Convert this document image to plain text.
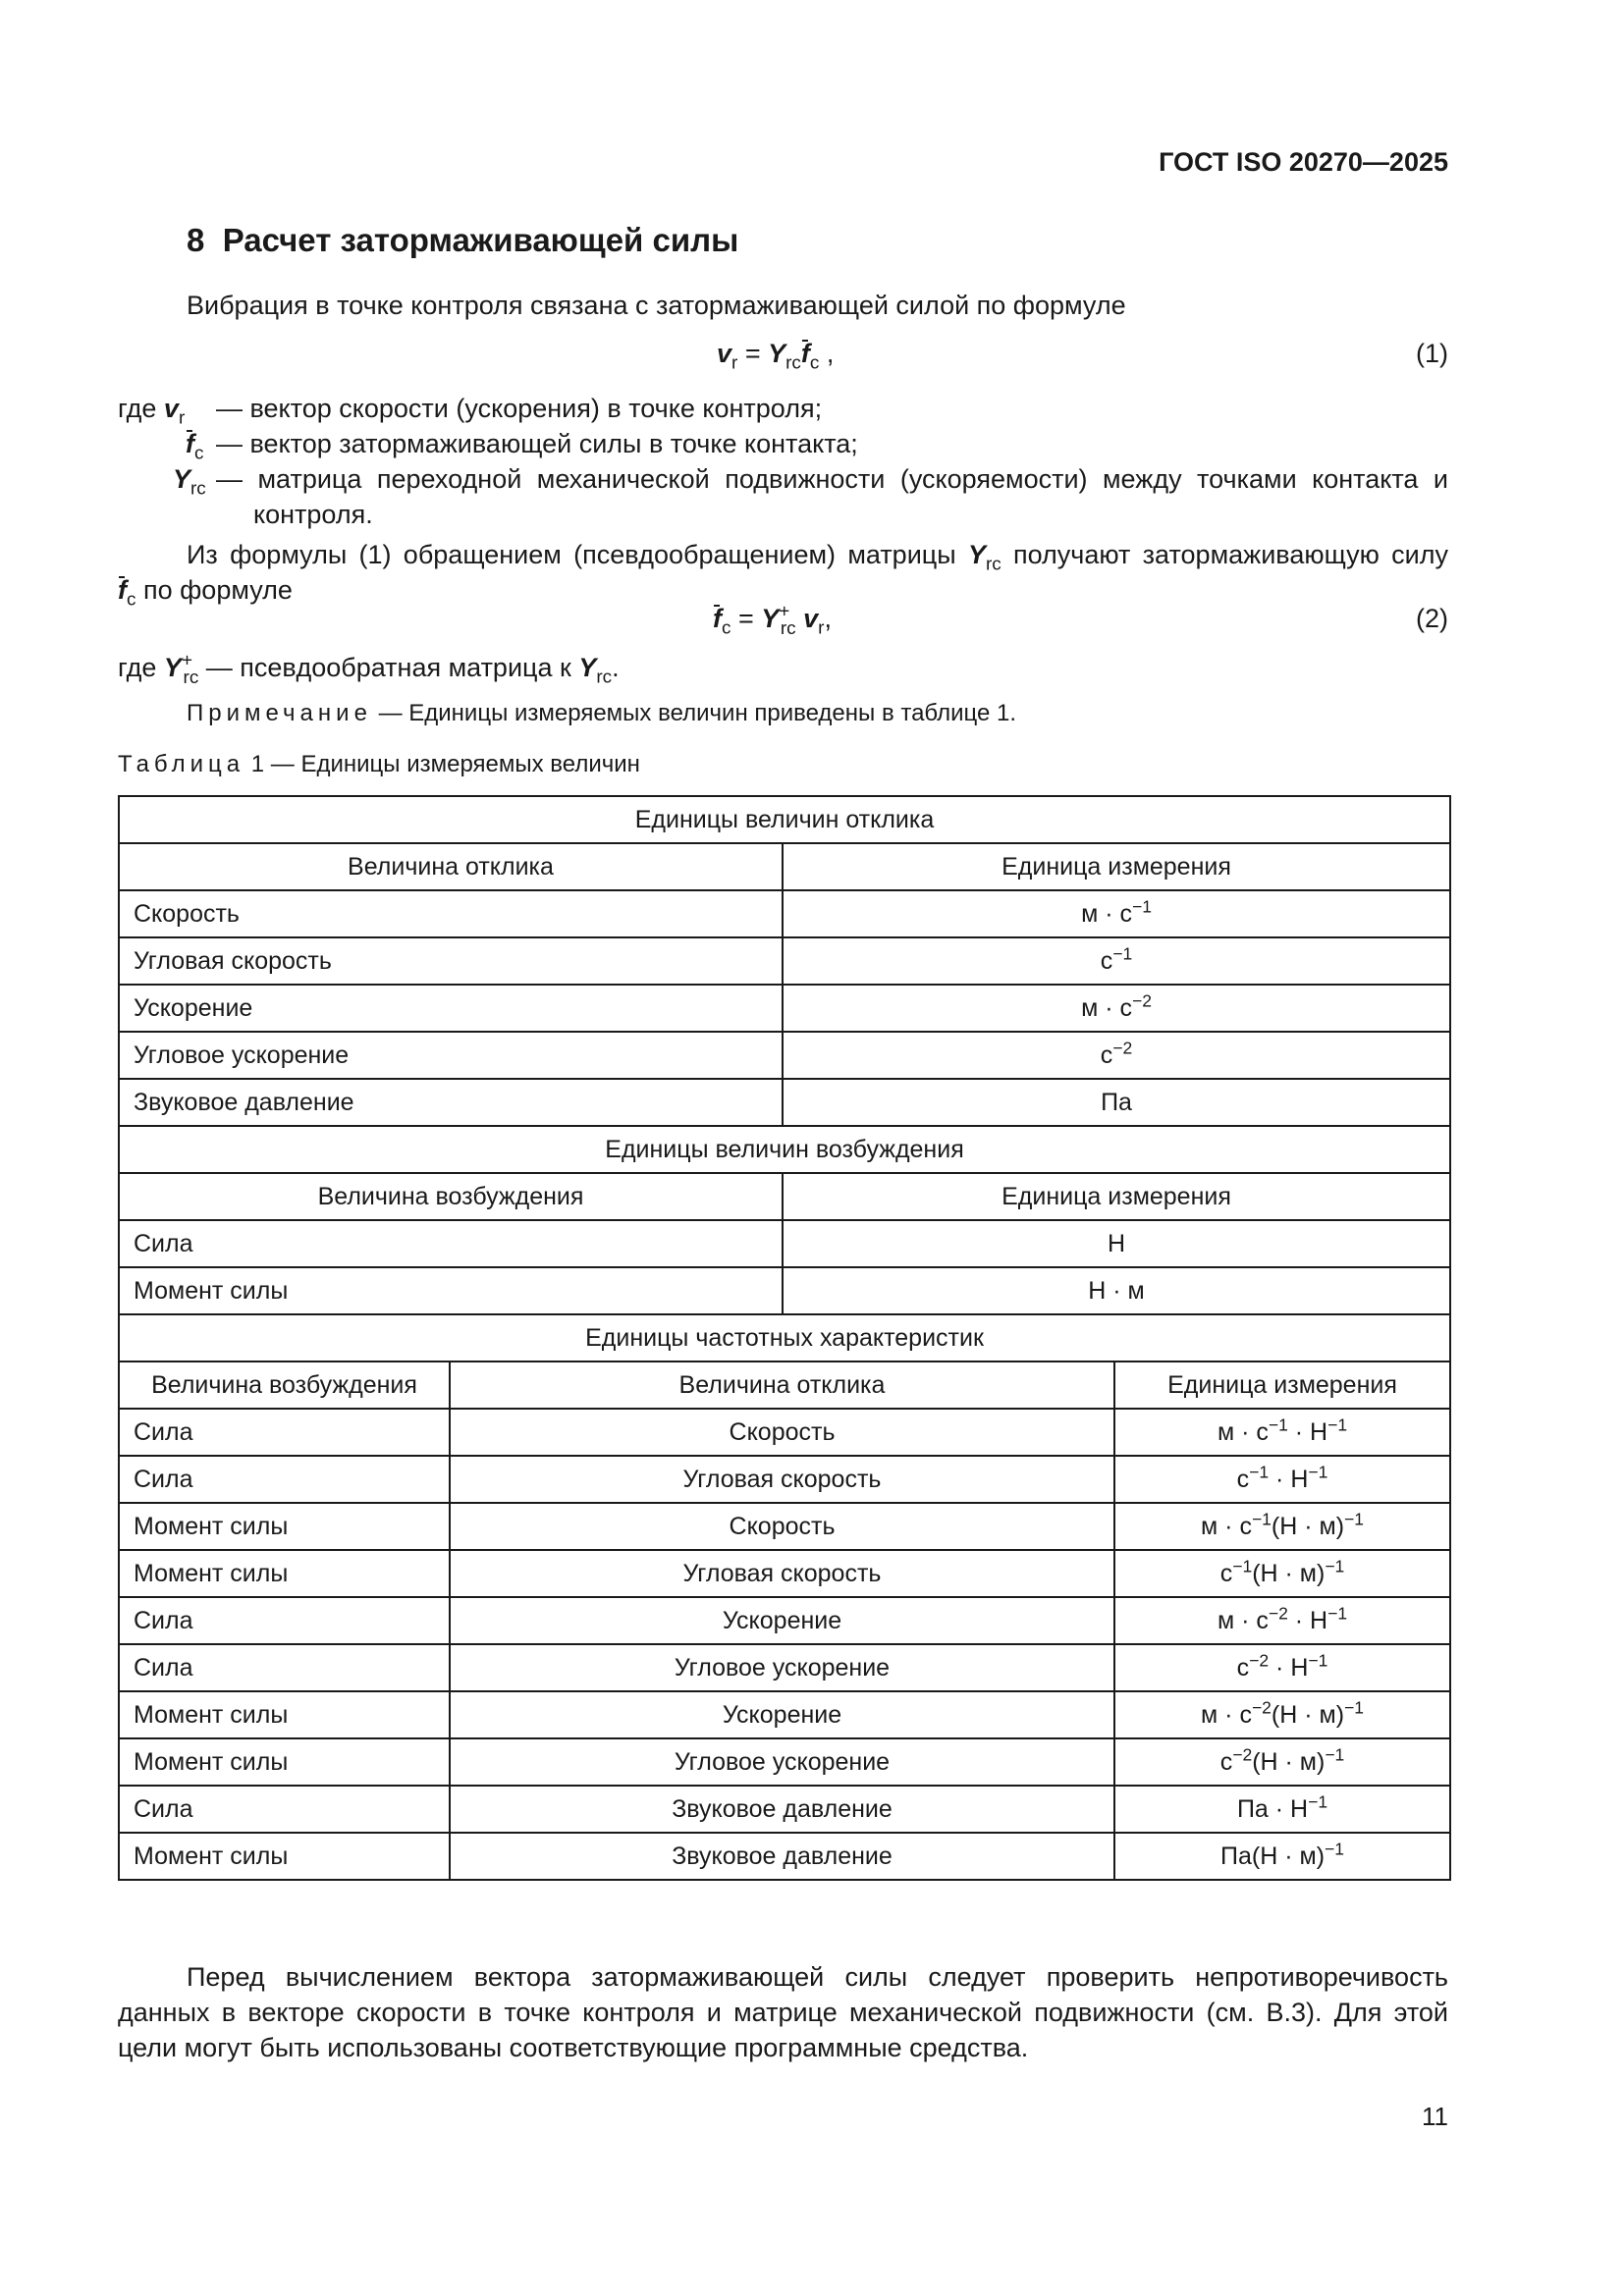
ГОСТ ISO 20270—2025
8 Расчет затормаживающей силы
Вибрация в точке контроля связана с затормаживающей силой по формуле
$v_r = Y_{rc}f_c$ ,	(1)
где $v_r$ — вектор скорости (ускорения) в точке контроля;
$f_c$ — вектор затормаживающей силы в точке контакта;
$Y_{rc}$ — матрица переходной механической подвижности (ускоряемости) между точками контакта и
контроля.
Из формулы (1) обращением (псевдообращением) матрицы $Y_{rc}$ получают затормаживающую силу
$f_c$ по формуле
$f_c = Y^+_{rc}$ $v_r$,	(2)
где $Y^+_{rc}$ — псевдообратная матрица к $Y_{rc}$.
Примечание — Единицы измеряемых величин приведены в таблице 1.
Таблица 1 — Единицы измеряемых величин
Единицы величин отклика			
Величина отклика		Единица измерения	
Скорость		$м \cdot с^{-1}$
Угловая скорость		$с^{-1}$
Ускорение		$м \cdot с^{-2}$
Угловое ускорение		$с^{-2}$
Звуковое давление		Па	
Единицы величин возбуждения			
Величина возбуждения		Единица измерения	
Сила		Н	
Момент силы		Н · м	
Единицы частотных характеристик			
Величина возбуждения	Величина отклика		Единица измерения
Сила	Скорость		$м \cdot с^{-1} \cdot Н^{-1}$
Сила	Угловая скорость		$с^{-1} \cdot Н^{-1}$
Момент силы	Скорость		$м \cdot с^{-1}(Н \cdot м)^{-1}$
Момент силы	Угловая скорость		$с^{-1}(Н \cdot м)^{-1}$
Сила	Ускорение		$м \cdot с^{-2} \cdot Н^{-1}$
Сила	Угловое ускорение		$с^{-2} \cdot Н^{-1}$
Момент силы	Ускорение		$м \cdot с^{-2}(Н \cdot м)^{-1}$
Момент силы	Угловое ускорение		$с^{-2}(Н \cdot м)^{-1}$
Сила	Звуковое давление		Па · $Н^{-1}$
Момент силы	Звуковое давление		$Па(Н \cdot м)^{-1}$
Перед вычислением вектора затормаживающей силы следует проверить непротиворечивость
данных в векторе скорости в точке контроля и матрице механической подвижности (см. В.3). Для этой
цели могут быть использованы соответствующие программные средства.
11
